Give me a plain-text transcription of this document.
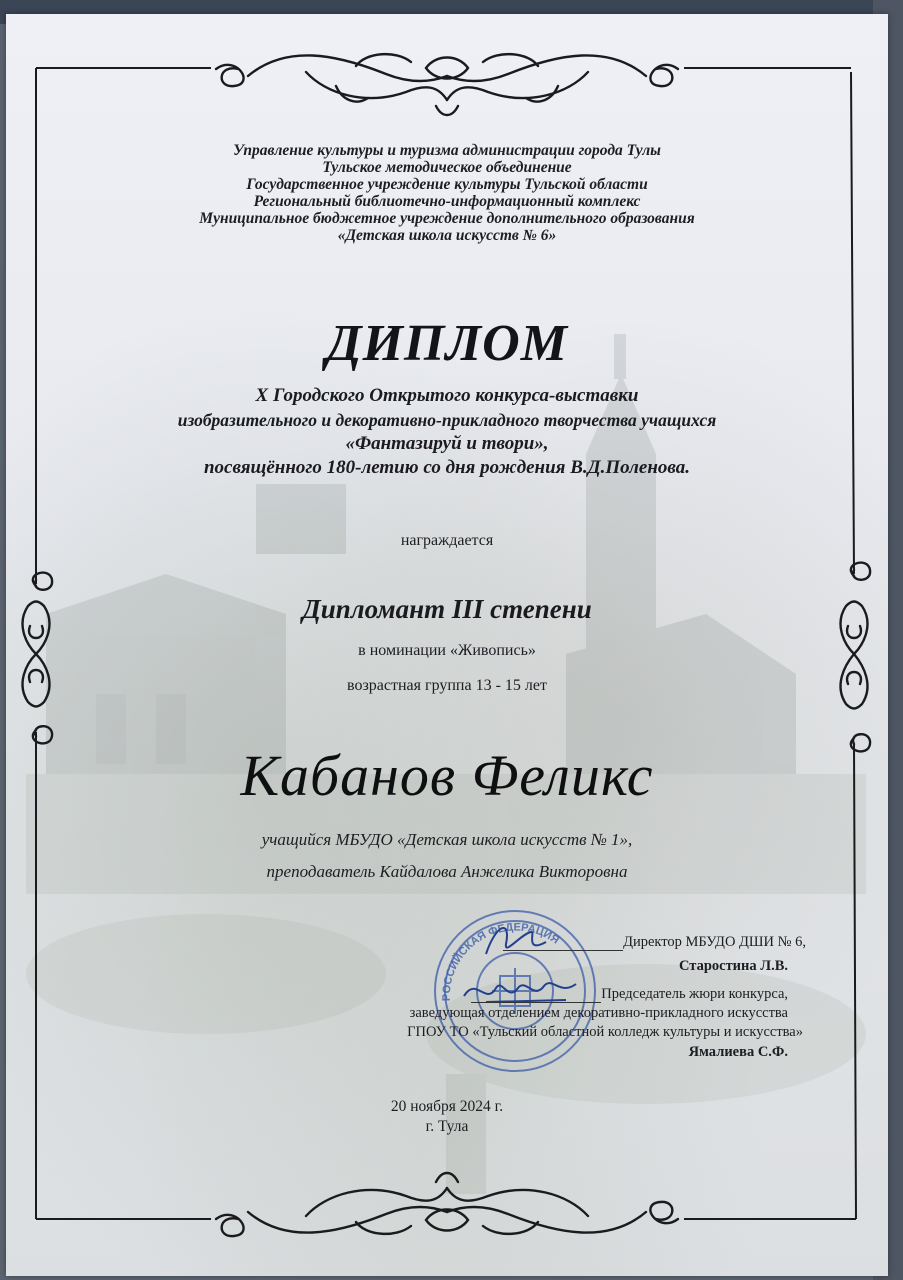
Управление культуры и туризма администрации города Тулы
Тульское методическое объединение
Государственное учреждение культуры Тульской области
Региональный библиотечно-информационный комплекс
Муниципальное бюджетное учреждение дополнительного образования
«Детская школа искусств № 6»
ДИПЛОМ
X Городского Открытого конкурса-выставки
изобразительного и декоративно-прикладного творчества учащихся
«Фантазируй и твори»,
посвящённого 180-летию со дня рождения В.Д.Поленова.
награждается
Дипломант III степени
в номинации «Живопись»
возрастная группа 13 - 15 лет
Кабанов Феликс
учащийся МБУДО «Детская школа искусств № 1»,
преподаватель Кайдалова Анжелика Викторовна
РОССИЙСКАЯ ФЕДЕРАЦИЯ	Директор МБУДО ДШИ № 6,
Старостина Л.В.
Председатель жюри конкурса,
заведующая отделением декоративно-прикладного искусства
ГПОУ ТО «Тульский областной колледж культуры и искусства»
Ямалиева С.Ф.
20 ноября 2024 г.
г. Тула
